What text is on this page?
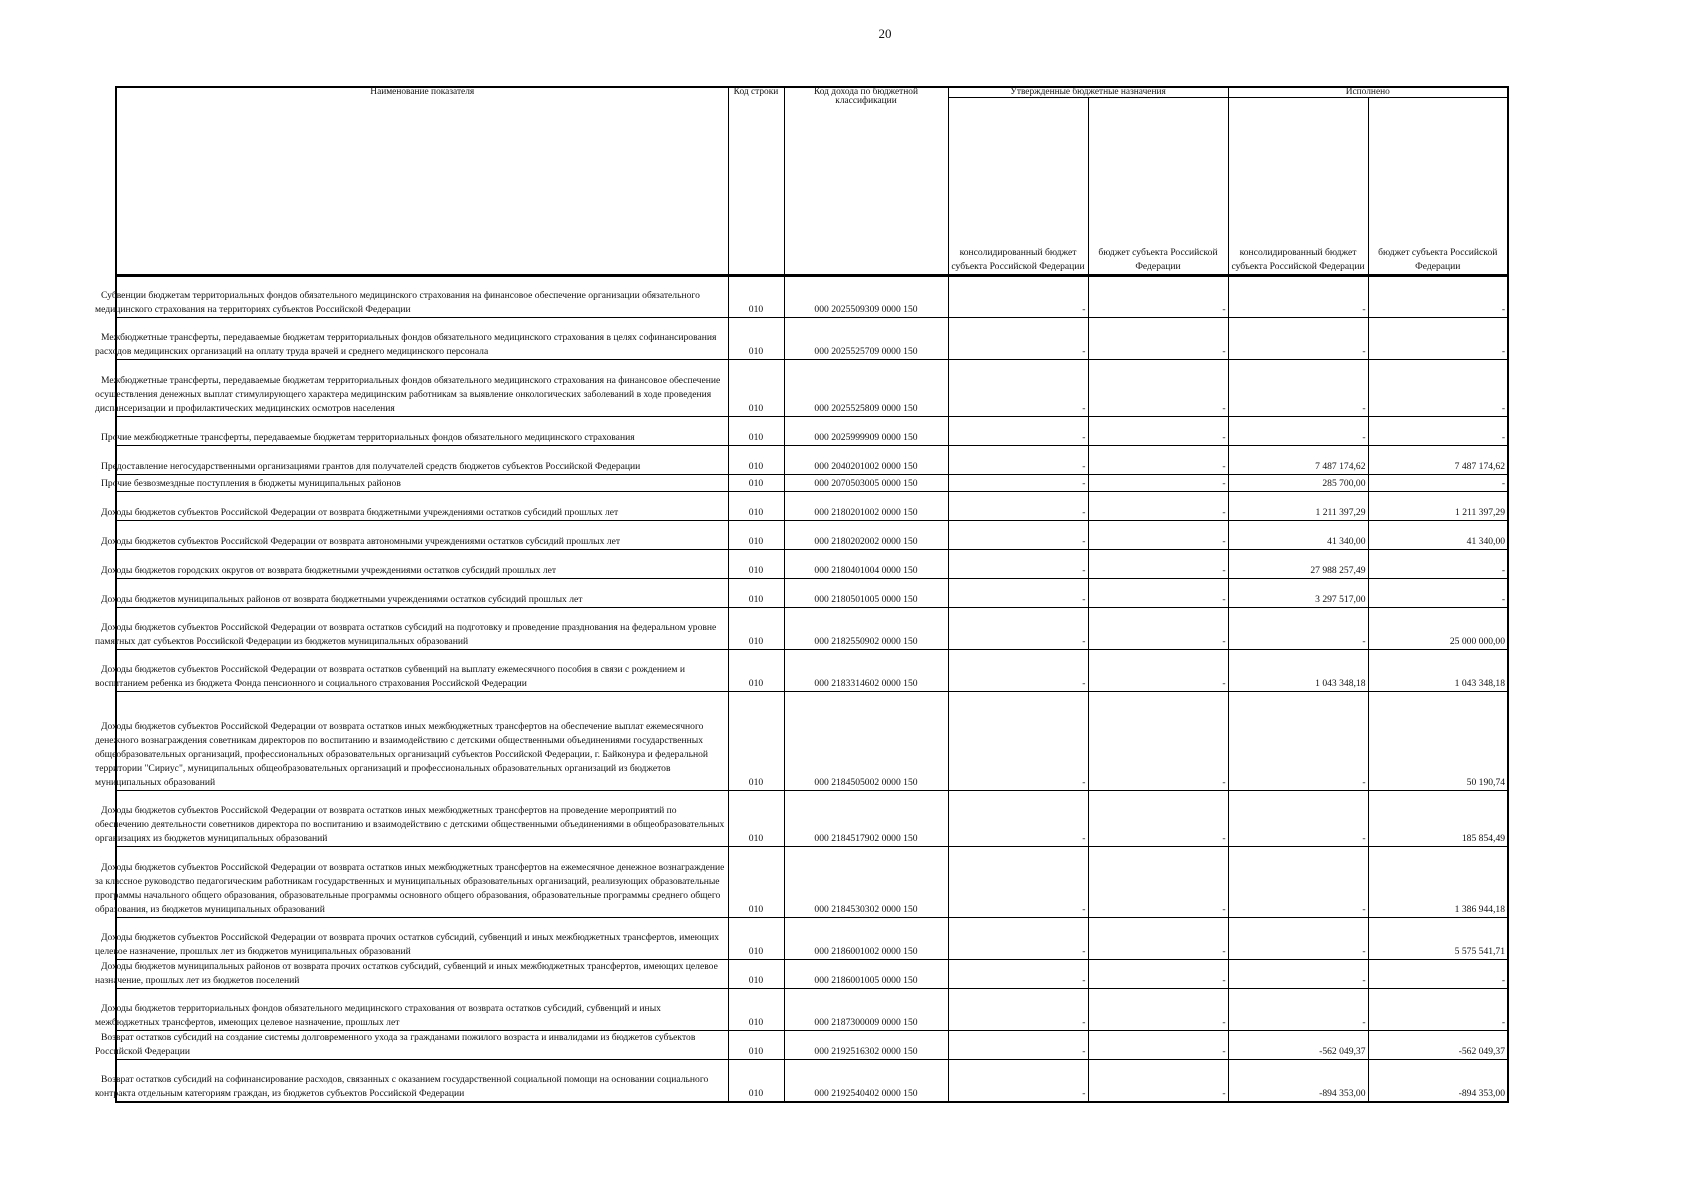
20
Наименование показателя	Код строки	Код дохода по бюджетной классификации	Утвержденные бюджетные назначения		Исполнено	
			консолидированный бюджет субъекта Российской Федерации	бюджет субъекта Российской Федерации	консолидированный бюджет субъекта Российской Федерации	бюджет субъекта Российской Федерации

Субвенции бюджетам территориальных фондов обязательного медицинского страхования на финансовое обеспечение организации обязательного медицинского страхования на территориях субъектов Российской Федерации	010	000 2025509309 0000 150	-	-	-	-

Межбюджетные трансферты, передаваемые бюджетам территориальных фондов обязательного медицинского страхования в целях софинансирования расходов медицинских организаций на оплату труда врачей и среднего медицинского персонала	010	000 2025525709 0000 150	-	-	-	-

Межбюджетные трансферты, передаваемые бюджетам территориальных фондов обязательного медицинского страхования на финансовое обеспечение осуществления денежных выплат стимулирующего характера медицинским работникам за выявление онкологических заболеваний в ходе проведения диспансеризации и профилактических медицинских осмотров населения	010	000 2025525809 0000 150	-	-	-	-

Прочие межбюджетные трансферты, передаваемые бюджетам территориальных фондов обязательного медицинского страхования	010	000 2025999909 0000 150	-	-	-	-

Предоставление негосударственными организациями грантов для получателей средств бюджетов субъектов Российской Федерации	010	000 2040201002 0000 150	-	-	7 487 174,62	7 487 174,62

Прочие безвозмездные поступления в бюджеты муниципальных районов	010	000 2070503005 0000 150	-	-	285 700,00	-

Доходы бюджетов субъектов Российской Федерации от возврата бюджетными учреждениями остатков субсидий прошлых лет	010	000 2180201002 0000 150	-	-	1 211 397,29	1 211 397,29

Доходы бюджетов субъектов Российской Федерации от возврата автономными учреждениями остатков субсидий прошлых лет	010	000 2180202002 0000 150	-	-	41 340,00	41 340,00

Доходы бюджетов городских округов от возврата бюджетными учреждениями остатков субсидий прошлых лет	010	000 2180401004 0000 150	-	-	27 988 257,49	-

Доходы бюджетов муниципальных районов от возврата бюджетными учреждениями остатков субсидий прошлых лет	010	000 2180501005 0000 150	-	-	3 297 517,00	-

Доходы бюджетов субъектов Российской Федерации от возврата остатков субсидий на подготовку и проведение празднования на федеральном уровне памятных дат субъектов Российской Федерации из бюджетов муниципальных образований	010	000 2182550902 0000 150	-	-	-	25 000 000,00

Доходы бюджетов субъектов Российской Федерации от возврата остатков субвенций на выплату ежемесячного пособия в связи с рождением и воспитанием ребенка из бюджета Фонда пенсионного и социального страхования Российской Федерации	010	000 2183314602 0000 150	-	-	1 043 348,18	1 043 348,18

Доходы бюджетов субъектов Российской Федерации от возврата остатков иных межбюджетных трансфертов на обеспечение выплат ежемесячного денежного вознаграждения советникам директоров по воспитанию и взаимодействию с детскими общественными объединениями государственных общеобразовательных организаций, профессиональных образовательных организаций субъектов Российской Федерации, г. Байконура и федеральной территории "Сириус", муниципальных общеобразовательных организаций и профессиональных образовательных организаций из бюджетов муниципальных образований	010	000 2184505002 0000 150	-	-	-	50 190,74

Доходы бюджетов субъектов Российской Федерации от возврата остатков иных межбюджетных трансфертов на проведение мероприятий по обеспечению деятельности советников директора по воспитанию и взаимодействию с детскими общественными объединениями в общеобразовательных организациях из бюджетов муниципальных образований	010	000 2184517902 0000 150	-	-	-	185 854,49

Доходы бюджетов субъектов Российской Федерации от возврата остатков иных межбюджетных трансфертов на ежемесячное денежное вознаграждение за классное руководство педагогическим работникам государственных и муниципальных образовательных организаций, реализующих образовательные программы начального общего образования, образовательные программы основного общего образования, образовательные программы среднего общего образования, из бюджетов муниципальных образований	010	000 2184530302 0000 150	-	-	-	1 386 944,18

Доходы бюджетов субъектов Российской Федерации от возврата прочих остатков субсидий, субвенций и иных межбюджетных трансфертов, имеющих целевое назначение, прошлых лет из бюджетов муниципальных образований	010	000 2186001002 0000 150	-	-	-	5 575 541,71

Доходы бюджетов муниципальных районов от возврата прочих остатков субсидий, субвенций и иных межбюджетных трансфертов, имеющих целевое назначение, прошлых лет из бюджетов поселений	010	000 2186001005 0000 150	-	-	-	-

Доходы бюджетов территориальных фондов обязательного медицинского страхования от возврата остатков субсидий, субвенций и иных межбюджетных трансфертов, имеющих целевое назначение, прошлых лет	010	000 2187300009 0000 150	-	-	-	-

Возврат остатков субсидий на создание системы долговременного ухода за гражданами пожилого возраста и инвалидами из бюджетов субъектов Российской Федерации	010	000 2192516302 0000 150	-	-	-562 049,37	-562 049,37

Возврат остатков субсидий на софинансирование расходов, связанных с оказанием государственной социальной помощи на основании социального контракта отдельным категориям граждан, из бюджетов субъектов Российской Федерации	010	000 2192540402 0000 150	-	-	-894 353,00	-894 353,00
